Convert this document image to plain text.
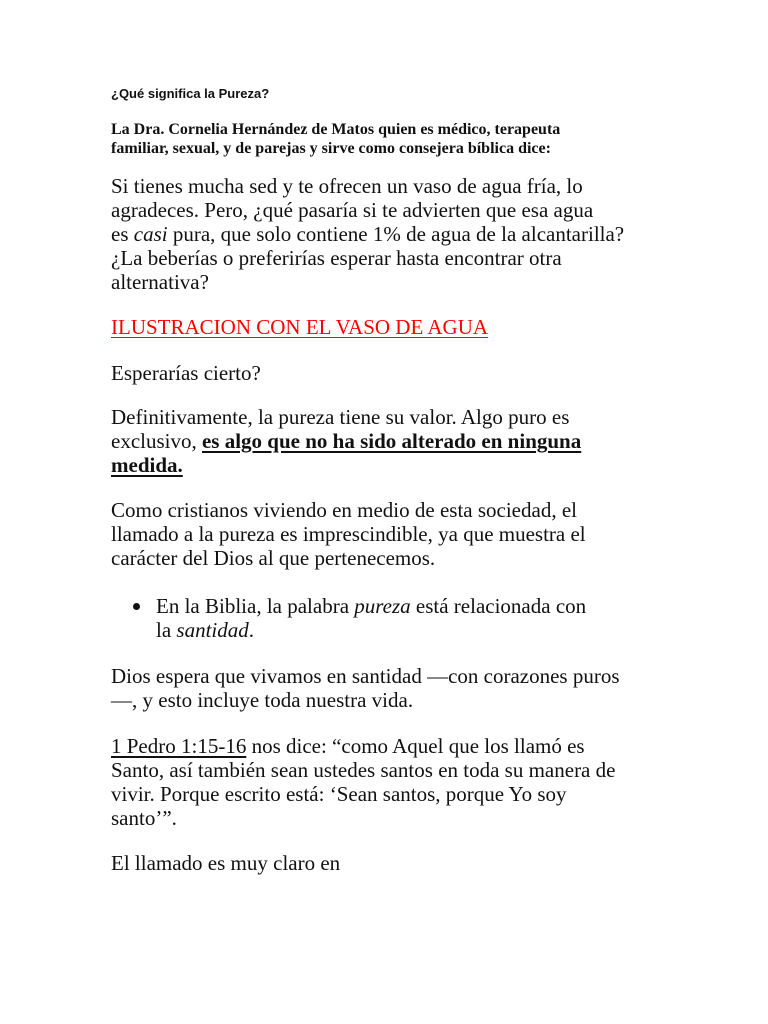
¿Qué significa la Pureza?
La Dra. Cornelia Hernández de Matos quien es médico, terapeuta
familiar, sexual, y de parejas y sirve como consejera bíblica dice:
Si tienes mucha sed y te ofrecen un vaso de agua fría, lo
agradeces. Pero, ¿qué pasaría si te advierten que esa agua
es casi pura, que solo contiene 1% de agua de la alcantarilla?
¿La beberías o preferirías esperar hasta encontrar otra
alternativa?
ILUSTRACION CON EL VASO DE AGUA
Esperarías cierto?
Definitivamente, la pureza tiene su valor. Algo puro es
exclusivo, es algo que no ha sido alterado en ninguna
medida.
Como cristianos viviendo en medio de esta sociedad, el
llamado a la pureza es imprescindible, ya que muestra el
carácter del Dios al que pertenecemos.
En la Biblia, la palabra pureza está relacionada con
la santidad.
Dios espera que vivamos en santidad —con corazones puros
—, y esto incluye toda nuestra vida.
1 Pedro 1:15-16 nos dice: “como Aquel que los llamó es
Santo, así también sean ustedes santos en toda su manera de
vivir. Porque escrito está: ‘Sean santos, porque Yo soy
santo’”.
El llamado es muy claro en
